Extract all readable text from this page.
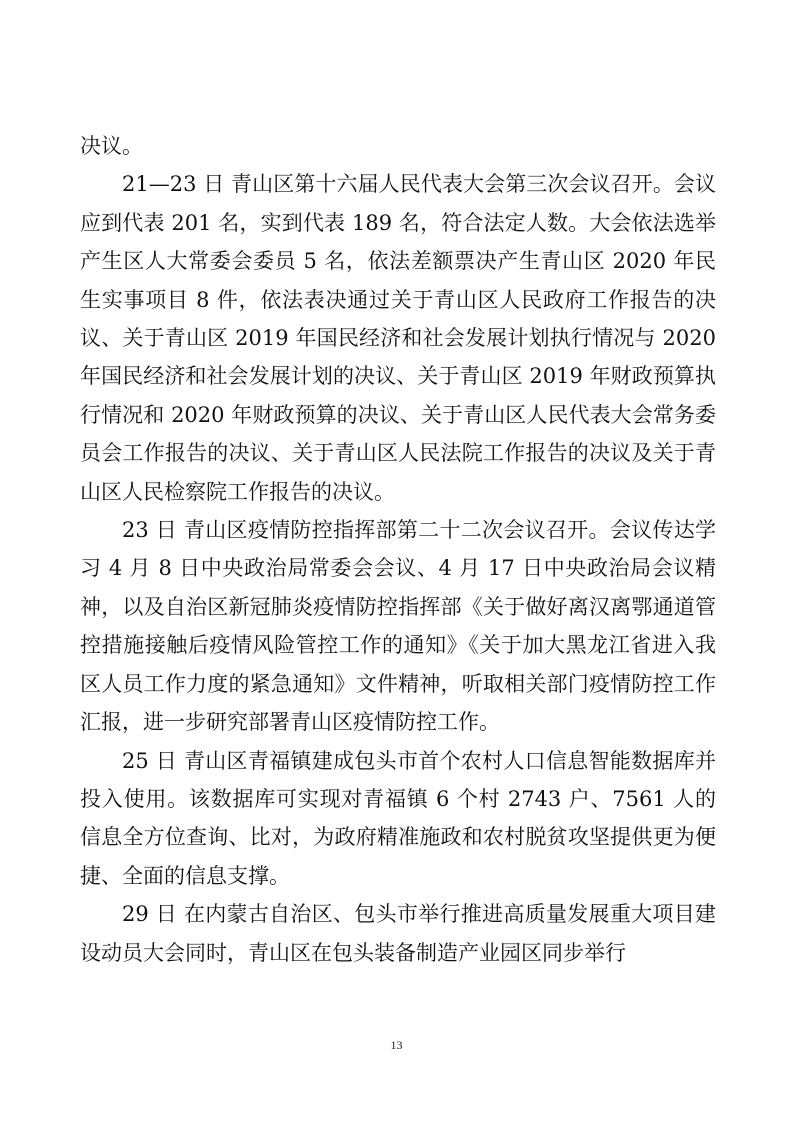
决议。

21—23 日 青山区第十六届人民代表大会第三次会议召开。会议应到代表 201 名，实到代表 189 名，符合法定人数。大会依法选举产生区人大常委会委员 5 名，依法差额票决产生青山区 2020 年民生实事项目 8 件，依法表决通过关于青山区人民政府工作报告的决议、关于青山区 2019 年国民经济和社会发展计划执行情况与 2020 年国民经济和社会发展计划的决议、关于青山区 2019 年财政预算执行情况和 2020 年财政预算的决议、关于青山区人民代表大会常务委员会工作报告的决议、关于青山区人民法院工作报告的决议及关于青山区人民检察院工作报告的决议。

23 日 青山区疫情防控指挥部第二十二次会议召开。会议传达学习 4 月 8 日中央政治局常委会会议、4 月 17 日中央政治局会议精神，以及自治区新冠肺炎疫情防控指挥部《关于做好离汉离鄂通道管控措施接触后疫情风险管控工作的通知》《关于加大黑龙江省进入我区人员工作力度的紧急通知》文件精神，听取相关部门疫情防控工作汇报，进一步研究部署青山区疫情防控工作。

25 日 青山区青福镇建成包头市首个农村人口信息智能数据库并投入使用。该数据库可实现对青福镇 6 个村 2743 户、7561 人的信息全方位查询、比对，为政府精准施政和农村脱贫攻坚提供更为便捷、全面的信息支撑。

29 日 在内蒙古自治区、包头市举行推进高质量发展重大项目建设动员大会同时，青山区在包头装备制造产业园区同步举行

13
